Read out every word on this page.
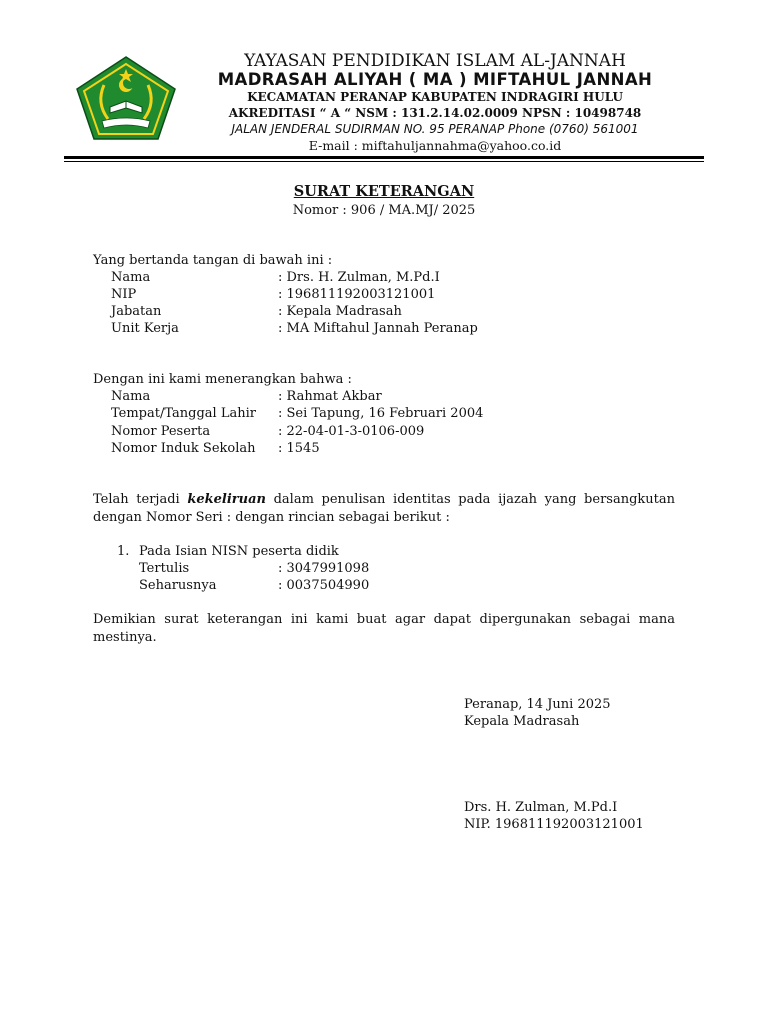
YAYASAN PENDIDIKAN ISLAM AL-JANNAH
MADRASAH ALIYAH ( MA ) MIFTAHUL JANNAH
KECAMATAN PERANAP KABUPATEN INDRAGIRI HULU
AKREDITASI “ A “ NSM : 131.2.14.02.0009 NPSN : 10498748
JALAN JENDERAL SUDIRMAN NO. 95 PERANAP Phone (0760) 561001
E-mail : miftahuljannahma@yahoo.co.id
SURAT KETERANGAN
Nomor : 906 / MA.MJ/ 2025
Yang bertanda tangan di bawah ini :
Nama	: Drs. H. Zulman, M.Pd.I
NIP	: 196811192003121001
Jabatan	: Kepala Madrasah
Unit Kerja	: MA Miftahul Jannah Peranap
Dengan ini kami menerangkan bahwa :
Nama	: Rahmat Akbar
Tempat/Tanggal Lahir : Sei Tapung, 16 Februari 2004
Nomor Peserta	: 22-04-01-3-0106-009
Nomor Induk Sekolah : 1545
Telah terjadi kekeliruan dalam penulisan identitas pada ijazah yang bersangkutan dengan Nomor Seri : dengan rincian sebagai berikut :
1. Pada Isian NISN peserta didik
Tertulis	: 3047991098
Seharusnya	: 0037504990
Demikian surat keterangan ini kami buat agar dapat dipergunakan sebagai mana mestinya.
Peranap, 14 Juni 2025
Kepala Madrasah
Drs. H. Zulman, M.Pd.I
NIP. 196811192003121001
